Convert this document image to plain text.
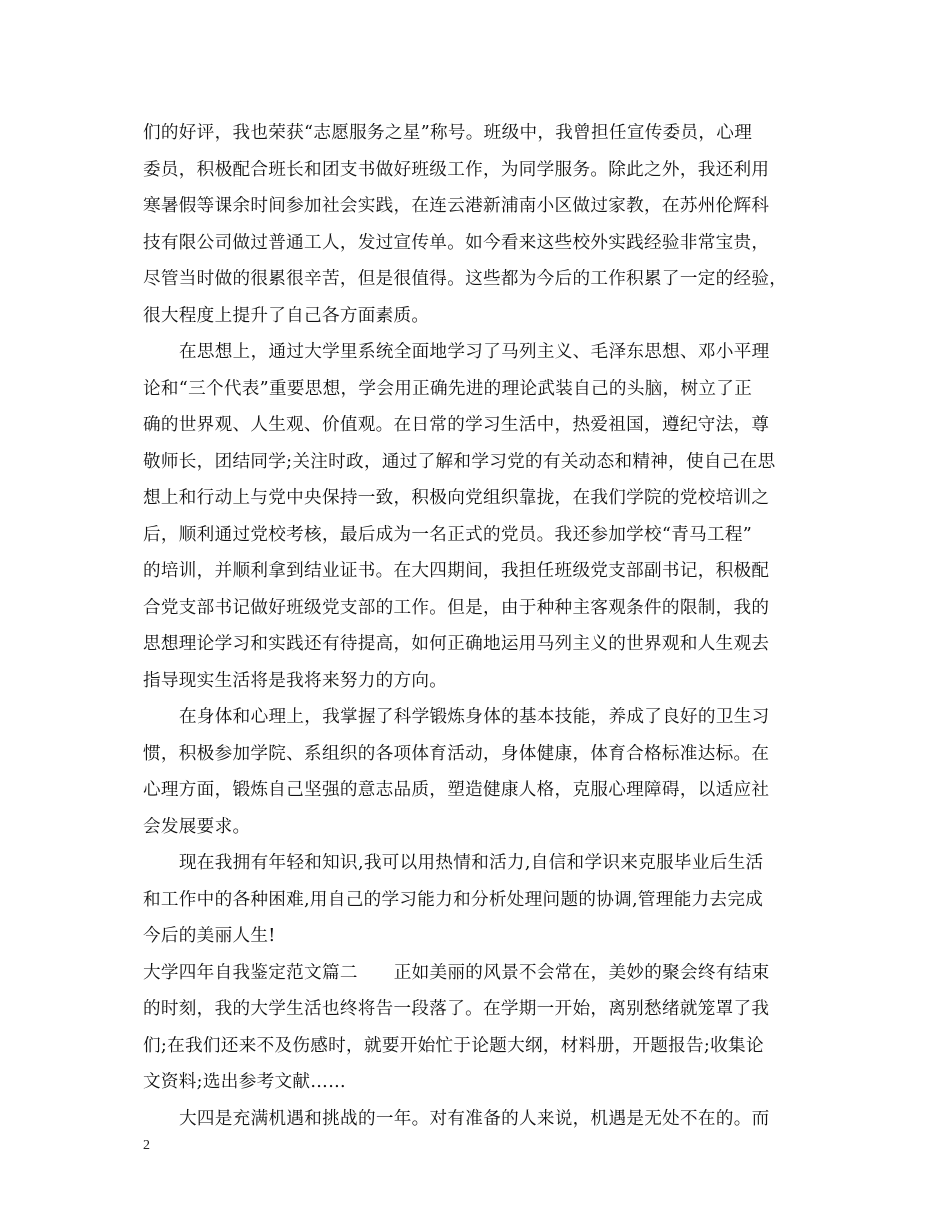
们的好评，我也荣获“志愿服务之星”称号。班级中，我曾担任宣传委员，心理
委员，积极配合班长和团支书做好班级工作，为同学服务。除此之外，我还利用
寒暑假等课余时间参加社会实践，在连云港新浦南小区做过家教，在苏州伦辉科
技有限公司做过普通工人，发过宣传单。如今看来这些校外实践经验非常宝贵，
尽管当时做的很累很辛苦，但是很值得。这些都为今后的工作积累了一定的经验，
很大程度上提升了自己各方面素质。
在思想上，通过大学里系统全面地学习了马列主义、毛泽东思想、邓小平理
论和“三个代表”重要思想，学会用正确先进的理论武装自己的头脑，树立了正
确的世界观、人生观、价值观。在日常的学习生活中，热爱祖国，遵纪守法，尊
敬师长，团结同学;关注时政，通过了解和学习党的有关动态和精神，使自己在思
想上和行动上与党中央保持一致，积极向党组织靠拢，在我们学院的党校培训之
后，顺利通过党校考核，最后成为一名正式的党员。我还参加学校“青马工程”
的培训，并顺利拿到结业证书。在大四期间，我担任班级党支部副书记，积极配
合党支部书记做好班级党支部的工作。但是，由于种种主客观条件的限制，我的
思想理论学习和实践还有待提高，如何正确地运用马列主义的世界观和人生观去
指导现实生活将是我将来努力的方向。
在身体和心理上，我掌握了科学锻炼身体的基本技能，养成了良好的卫生习
惯，积极参加学院、系组织的各项体育活动，身体健康，体育合格标准达标。在
心理方面，锻炼自己坚强的意志品质，塑造健康人格，克服心理障碍，以适应社
会发展要求。
现在我拥有年轻和知识,我可以用热情和活力,自信和学识来克服毕业后生活
和工作中的各种困难,用自己的学习能力和分析处理问题的协调,管理能力去完成
今后的美丽人生!
大学四年自我鉴定范文篇二 正如美丽的风景不会常在，美妙的聚会终有结束
的时刻，我的大学生活也终将告一段落了。在学期一开始，离别愁绪就笼罩了我
们;在我们还来不及伤感时，就要开始忙于论题大纲，材料册，开题报告;收集论
文资料;选出参考文献……
大四是充满机遇和挑战的一年。对有准备的人来说，机遇是无处不在的。而
2
